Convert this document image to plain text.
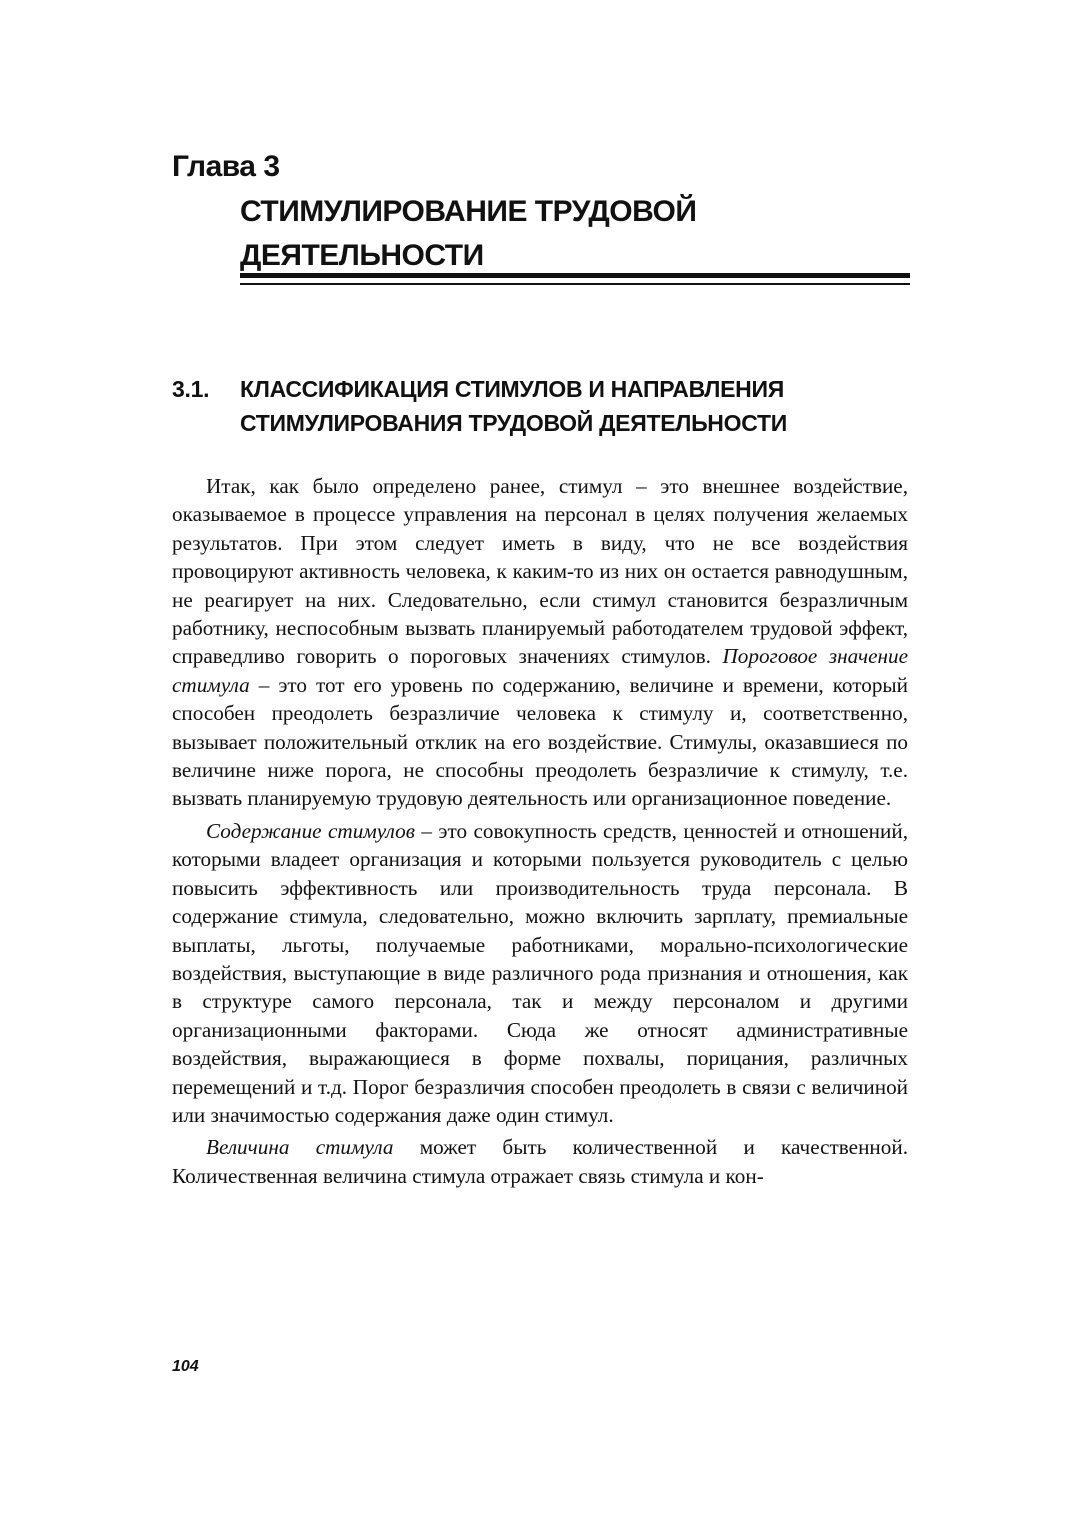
Глава 3
СТИМУЛИРОВАНИЕ ТРУДОВОЙ
ДЕЯТЕЛЬНОСТИ
3.1. КЛАССИФИКАЦИЯ СТИМУЛОВ И НАПРАВЛЕНИЯ
СТИМУЛИРОВАНИЯ ТРУДОВОЙ ДЕЯТЕЛЬНОСТИ

Итак, как было определено ранее, стимул – это внешнее воздействие, оказываемое в процессе управления на персонал в целях получения желаемых результатов. При этом следует иметь в виду, что не все воздействия провоцируют активность человека, к каким-то из них он остается равнодушным, не реагирует на них. Следовательно, если стимул становится безразличным работнику, неспособным вызвать планируемый работодателем трудовой эффект, справедливо говорить о пороговых значениях стимулов. Пороговое значение стимула – это тот его уровень по содержанию, величине и времени, который способен преодолеть безразличие человека к стимулу и, соответственно, вызывает положительный отклик на его воздействие. Стимулы, оказавшиеся по величине ниже порога, не способны преодолеть безразличие к стимулу, т.е. вызвать планируемую трудовую деятельность или организационное поведение.

Содержание стимулов – это совокупность средств, ценностей и отношений, которыми владеет организация и которыми пользуется руководитель с целью повысить эффективность или производительность труда персонала. В содержание стимула, следовательно, можно включить зарплату, премиальные выплаты, льготы, получаемые работниками, морально-психологические воздействия, выступающие в виде различного рода признания и отношения, как в структуре самого персонала, так и между персоналом и другими организационными факторами. Сюда же относят административные воздействия, выражающиеся в форме похвалы, порицания, различных перемещений и т.д. Порог безразличия способен преодолеть в связи с величиной или значимостью содержания даже один стимул.

Величина стимула может быть количественной и качественной. Количественная величина стимула отражает связь стимула и кон-

104
